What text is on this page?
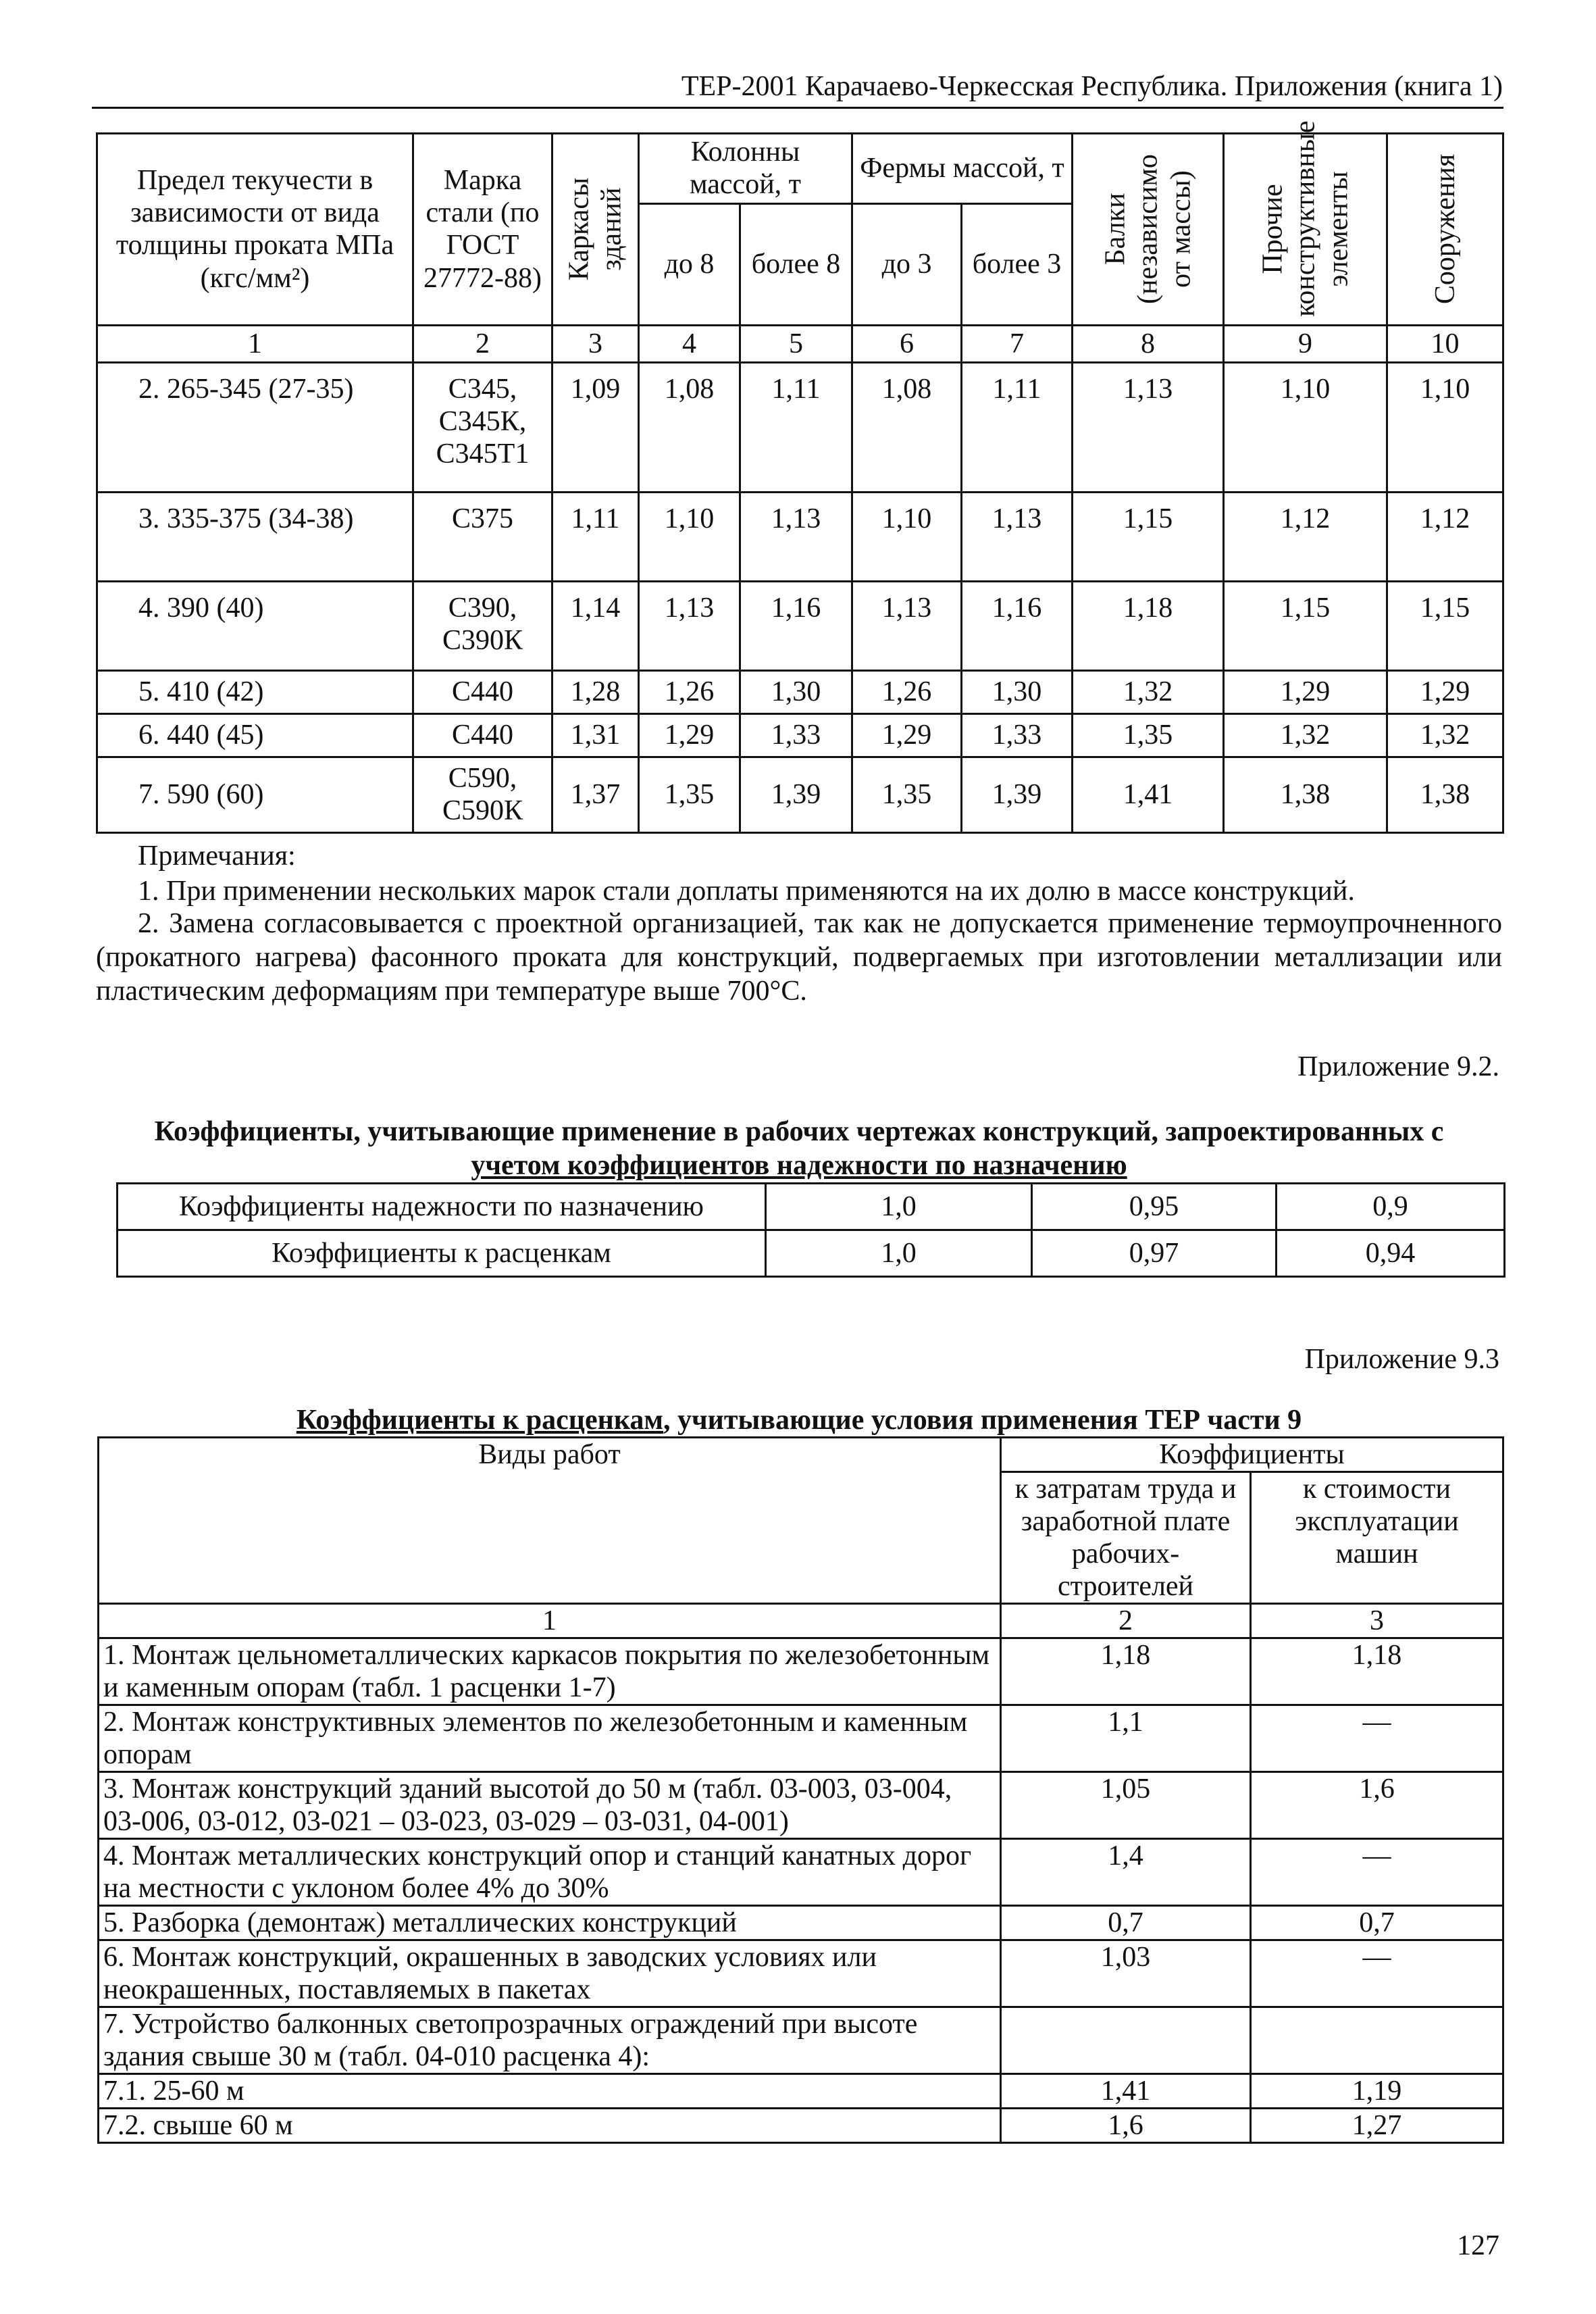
ТЕР-2001 Карачаево-Черкесская Республика. Приложения (книга 1)
Предел текучести в зависимости от вида толщины проката МПа (кгс/мм²)	Марка стали (по ГОСТ 27772-88)	Каркасы зданий	Колонны массой, т		Фермы массой, т		Балки (независимо от массы)	Прочие конструктивные элементы	Сооружения

			до 8	более 8	до 3	более 3			
1	2	3	4	5	6	7	8	9	10
2. 265-345 (27-35)	С345, С345К, С345Т1	1,09	1,08	1,11	1,08	1,11	1,13	1,10	1,10
3. 335-375 (34-38)	С375	1,11	1,10	1,13	1,10	1,13	1,15	1,12	1,12
4. 390 (40)	С390, С390К	1,14	1,13	1,16	1,13	1,16	1,18	1,15	1,15
5. 410 (42)	С440	1,28	1,26	1,30	1,26	1,30	1,32	1,29	1,29
6. 440 (45)	С440	1,31	1,29	1,33	1,29	1,33	1,35	1,32	1,32
7. 590 (60)	С590, С590К	1,37	1,35	1,39	1,35	1,39	1,41	1,38	1,38
Примечания:
1. При применении нескольких марок стали доплаты применяются на их долю в массе конструкций.
2. Замена согласовывается с проектной организацией, так как не допускается применение термоупрочненного (прокатного нагрева) фасонного проката для конструкций, подвергаемых при изготовлении металлизации или пластическим деформациям при температуре выше 700°С.
Приложение 9.2.
Коэффициенты, учитывающие применение в рабочих чертежах конструкций, запроектированных с
учетом коэффициентов надежности по назначению
Коэффициенты надежности по назначению	1,0	0,95	0,9
Коэффициенты к расценкам	1,0	0,97	0,94
Приложение 9.3
Коэффициенты к расценкам, учитывающие условия применения ТЕР части 9
Виды работ	Коэффициенты	
	к затратам труда и заработной плате рабочих-строителей	к стоимости эксплуатации машин
1	2	3
1. Монтаж цельнометаллических каркасов покрытия по железобетонным и каменным опорам (табл. 1 расценки 1-7)	1,18	1,18
2. Монтаж конструктивных элементов по железобетонным и каменным опорам	1,1	—
3. Монтаж конструкций зданий высотой до 50 м (табл. 03-003, 03-004, 03-006, 03-012, 03-021 – 03-023, 03-029 – 03-031, 04-001)	1,05	1,6
4. Монтаж металлических конструкций опор и станций канатных дорог на местности с уклоном более 4% до 30%	1,4	—
5. Разборка (демонтаж) металлических конструкций	0,7	0,7
6. Монтаж конструкций, окрашенных в заводских условиях или неокрашенных, поставляемых в пакетах	1,03	—
7. Устройство балконных светопрозрачных ограждений при высоте здания свыше 30 м (табл. 04-010 расценка 4):		
7.1. 25-60 м	1,41	1,19
7.2. свыше 60 м	1,6	1,27
127
